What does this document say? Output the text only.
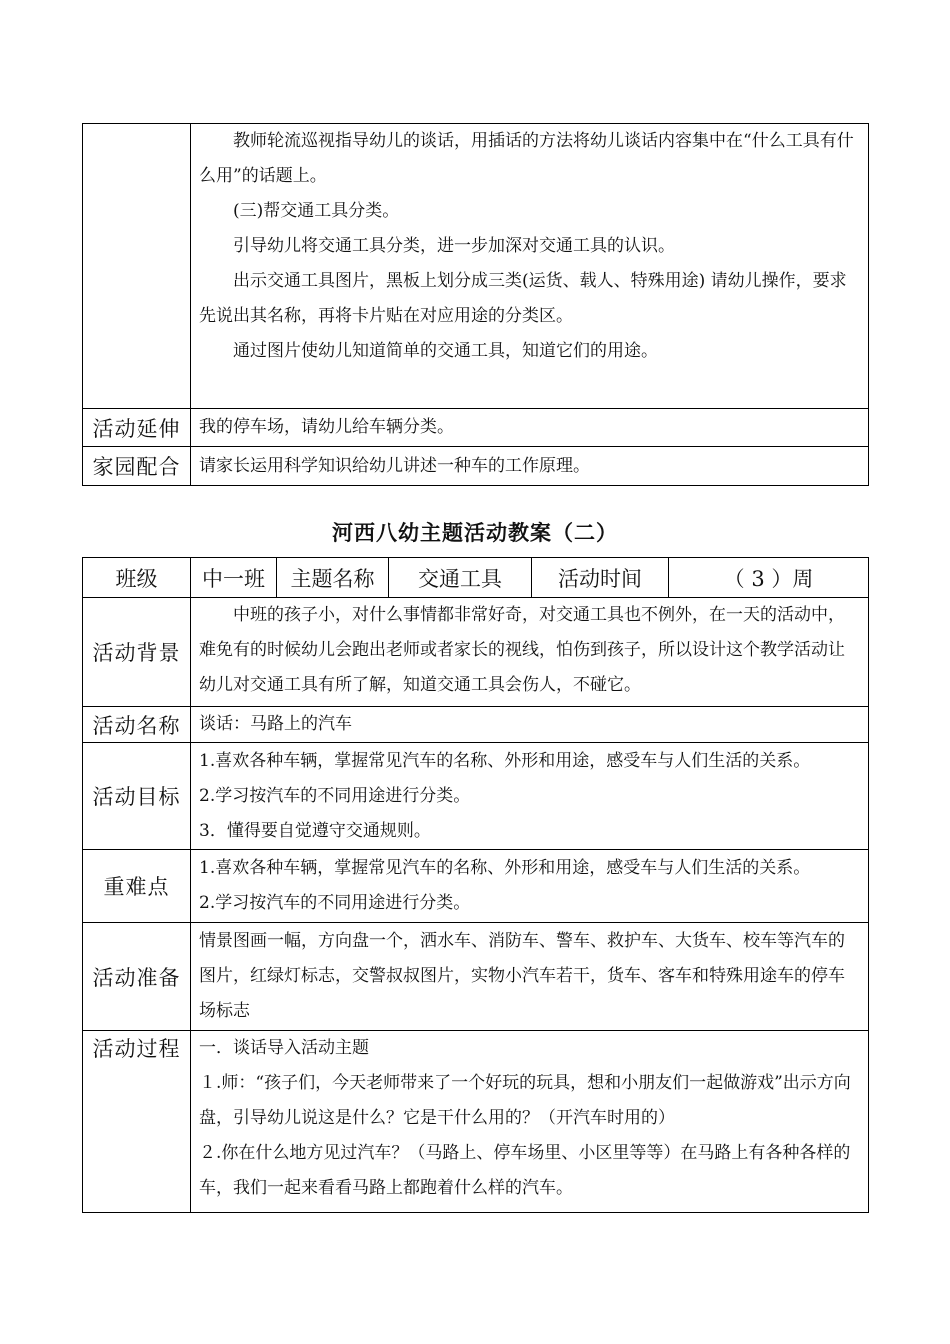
	教师轮流巡视指导幼儿的谈话，用插话的方法将幼儿谈话内容集中在“什么工具有什么用”的话题上。

(三)帮交通工具分类。

引导幼儿将交通工具分类，进一步加深对交通工具的认识。

出示交通工具图片，黑板上划分成三类(运货、载人、特殊用途) 请幼儿操作，要求先说出其名称，再将卡片贴在对应用途的分类区。

通过图片使幼儿知道简单的交通工具，知道它们的用途。

活动延伸	我的停车场，请幼儿给车辆分类。
家园配合	请家长运用科学知识给幼儿讲述一种车的工作原理。
河西八幼主题活动教案（二）
班级	中一班	主题名称	交通工具	活动时间	（ 3 ）周
活动背景	中班的孩子小，对什么事情都非常好奇，对交通工具也不例外，在一天的活动中，难免有的时候幼儿会跑出老师或者家长的视线，怕伤到孩子，所以设计这个教学活动让幼儿对交通工具有所了解，知道交通工具会伤人，不碰它。				

活动名称	谈话：马路上的汽车				
活动目标	1.喜欢各种车辆，掌握常见汽车的名称、外形和用途，感受车与人们生活的关系。

2.学习按汽车的不同用途进行分类。

3．懂得要自觉遵守交通规则。				

重难点	1.喜欢各种车辆，掌握常见汽车的名称、外形和用途，感受车与人们生活的关系。

2.学习按汽车的不同用途进行分类。				

活动准备	情景图画一幅，方向盘一个，洒水车、消防车、警车、救护车、大货车、校车等汽车的图片，红绿灯标志，交警叔叔图片，实物小汽车若干，货车、客车和特殊用途车的停车场标志				

活动过程	一．谈话导入活动主题

１.师：“孩子们，今天老师带来了一个好玩的玩具，想和小朋友们一起做游戏”出示方向盘，引导幼儿说这是什么？它是干什么用的？（开汽车时用的）

２.你在什么地方见过汽车？（马路上、停车场里、小区里等等）在马路上有各种各样的车，我们一起来看看马路上都跑着什么样的汽车。				
